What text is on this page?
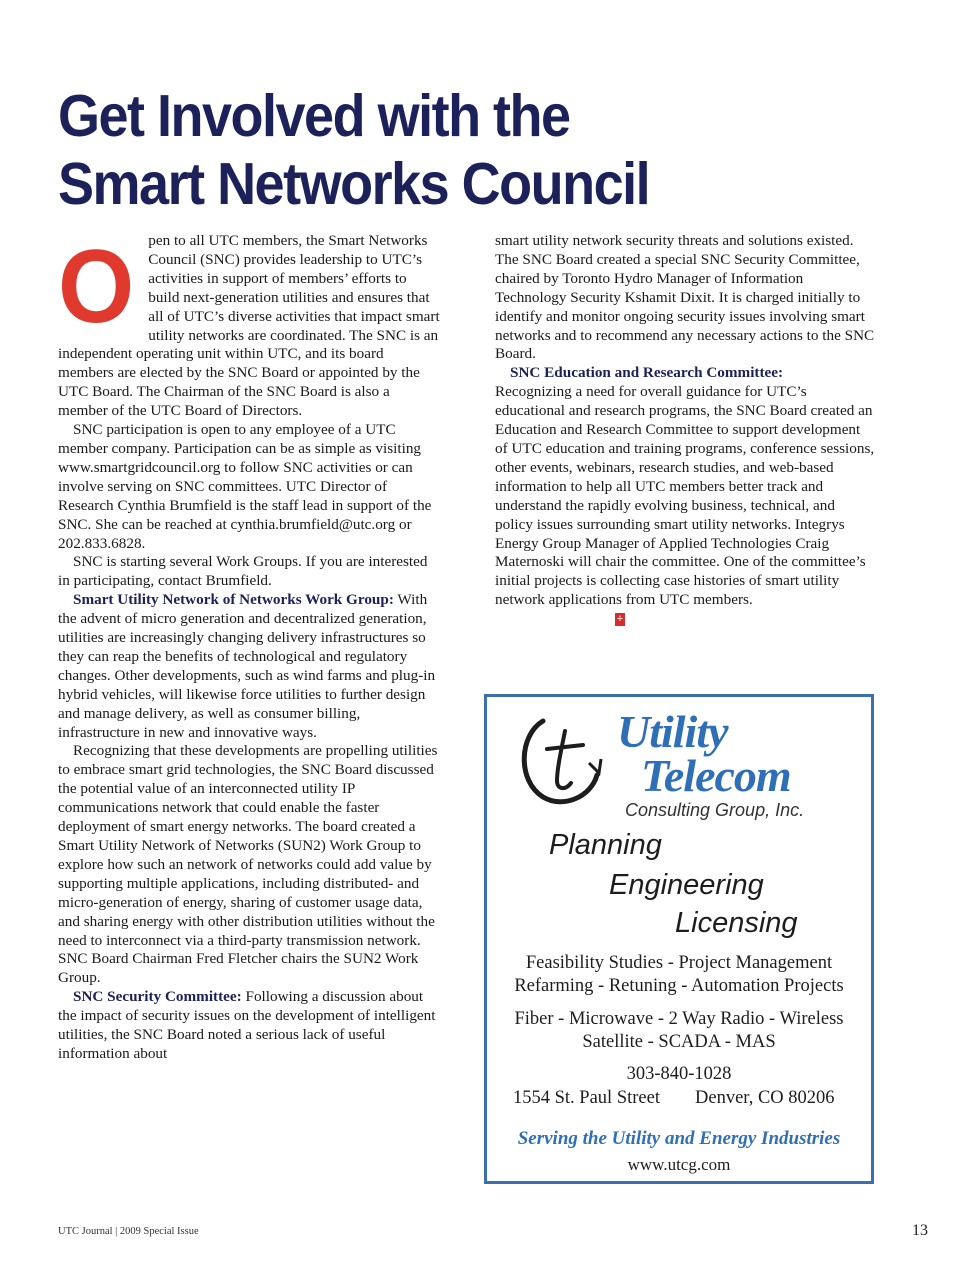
Get Involved with the
Smart Networks Council

Open to all UTC members, the Smart Networks Council (SNC) provides leadership to UTC’s activities in support of members’ efforts to build next-generation utilities and ensures that all of UTC’s diverse activities that impact smart utility networks are coordinated. The SNC is an independent operating unit within UTC, and its board members are elected by the SNC Board or appointed by the UTC Board. The Chairman of the SNC Board is also a member of the UTC Board of Directors.

SNC participation is open to any employee of a UTC member company. Participation can be as simple as visiting www.smartgridcouncil.org to follow SNC activities or can involve serving on SNC committees. UTC Director of Research Cynthia Brumfield is the staff lead in support of the SNC. She can be reached at cynthia.brumfield@utc.org or 202.833.6828.

SNC is starting several Work Groups. If you are interested in participating, contact Brumfield.

Smart Utility Network of Networks Work Group: With the advent of micro generation and decentralized generation, utilities are increasingly changing delivery infrastructures so they can reap the benefits of technological and regulatory changes. Other developments, such as wind farms and plug-in hybrid vehicles, will likewise force utilities to further design and manage delivery, as well as consumer billing, infrastructure in new and innovative ways.

Recognizing that these developments are propelling utilities to embrace smart grid technologies, the SNC Board discussed the potential value of an interconnected utility IP communications network that could enable the faster deployment of smart energy networks. The board created a Smart Utility Network of Networks (SUN2) Work Group to explore how such an network of networks could add value by supporting multiple applications, including distributed- and micro-generation of energy, sharing of customer usage data, and sharing energy with other distribution utilities without the need to interconnect via a third-party transmission network. SNC Board Chairman Fred Fletcher chairs the SUN2 Work Group.

SNC Security Committee: Following a discussion about the impact of security issues on the development of intelligent utilities, the SNC Board noted a serious lack of useful information about

smart utility network security threats and solutions existed. The SNC Board created a special SNC Security Committee, chaired by Toronto Hydro Manager of Information Technology Security Kshamit Dixit. It is charged initially to identify and monitor ongoing security issues involving smart networks and to recommend any necessary actions to the SNC Board.

SNC Education and Research Committee:

Recognizing a need for overall guidance for UTC’s educational and research programs, the SNC Board created an Education and Research Committee to support development of UTC education and training programs, conference sessions, other events, webinars, research studies, and web-based information to help all UTC members better track and understand the rapidly evolving business, technical, and policy issues surrounding smart utility networks. Integrys Energy Group Manager of Applied Technologies Craig Maternoski will chair the committee. One of the committee’s initial projects is collecting case histories of smart utility network applications from UTC members.+

Utility
Telecom
Consulting Group, Inc.
Planning
Engineering
Licensing
Feasibility Studies - Project Management
Refarming - Retuning - Automation Projects
Fiber - Microwave - 2 Way Radio - Wireless
Satellite - SCADA - MAS
303-840-1028
1554 St. Paul Street Denver, CO 80206
Serving the Utility and Energy Industries
www.utcg.com
UTC Journal | 2009 Special Issue	13
